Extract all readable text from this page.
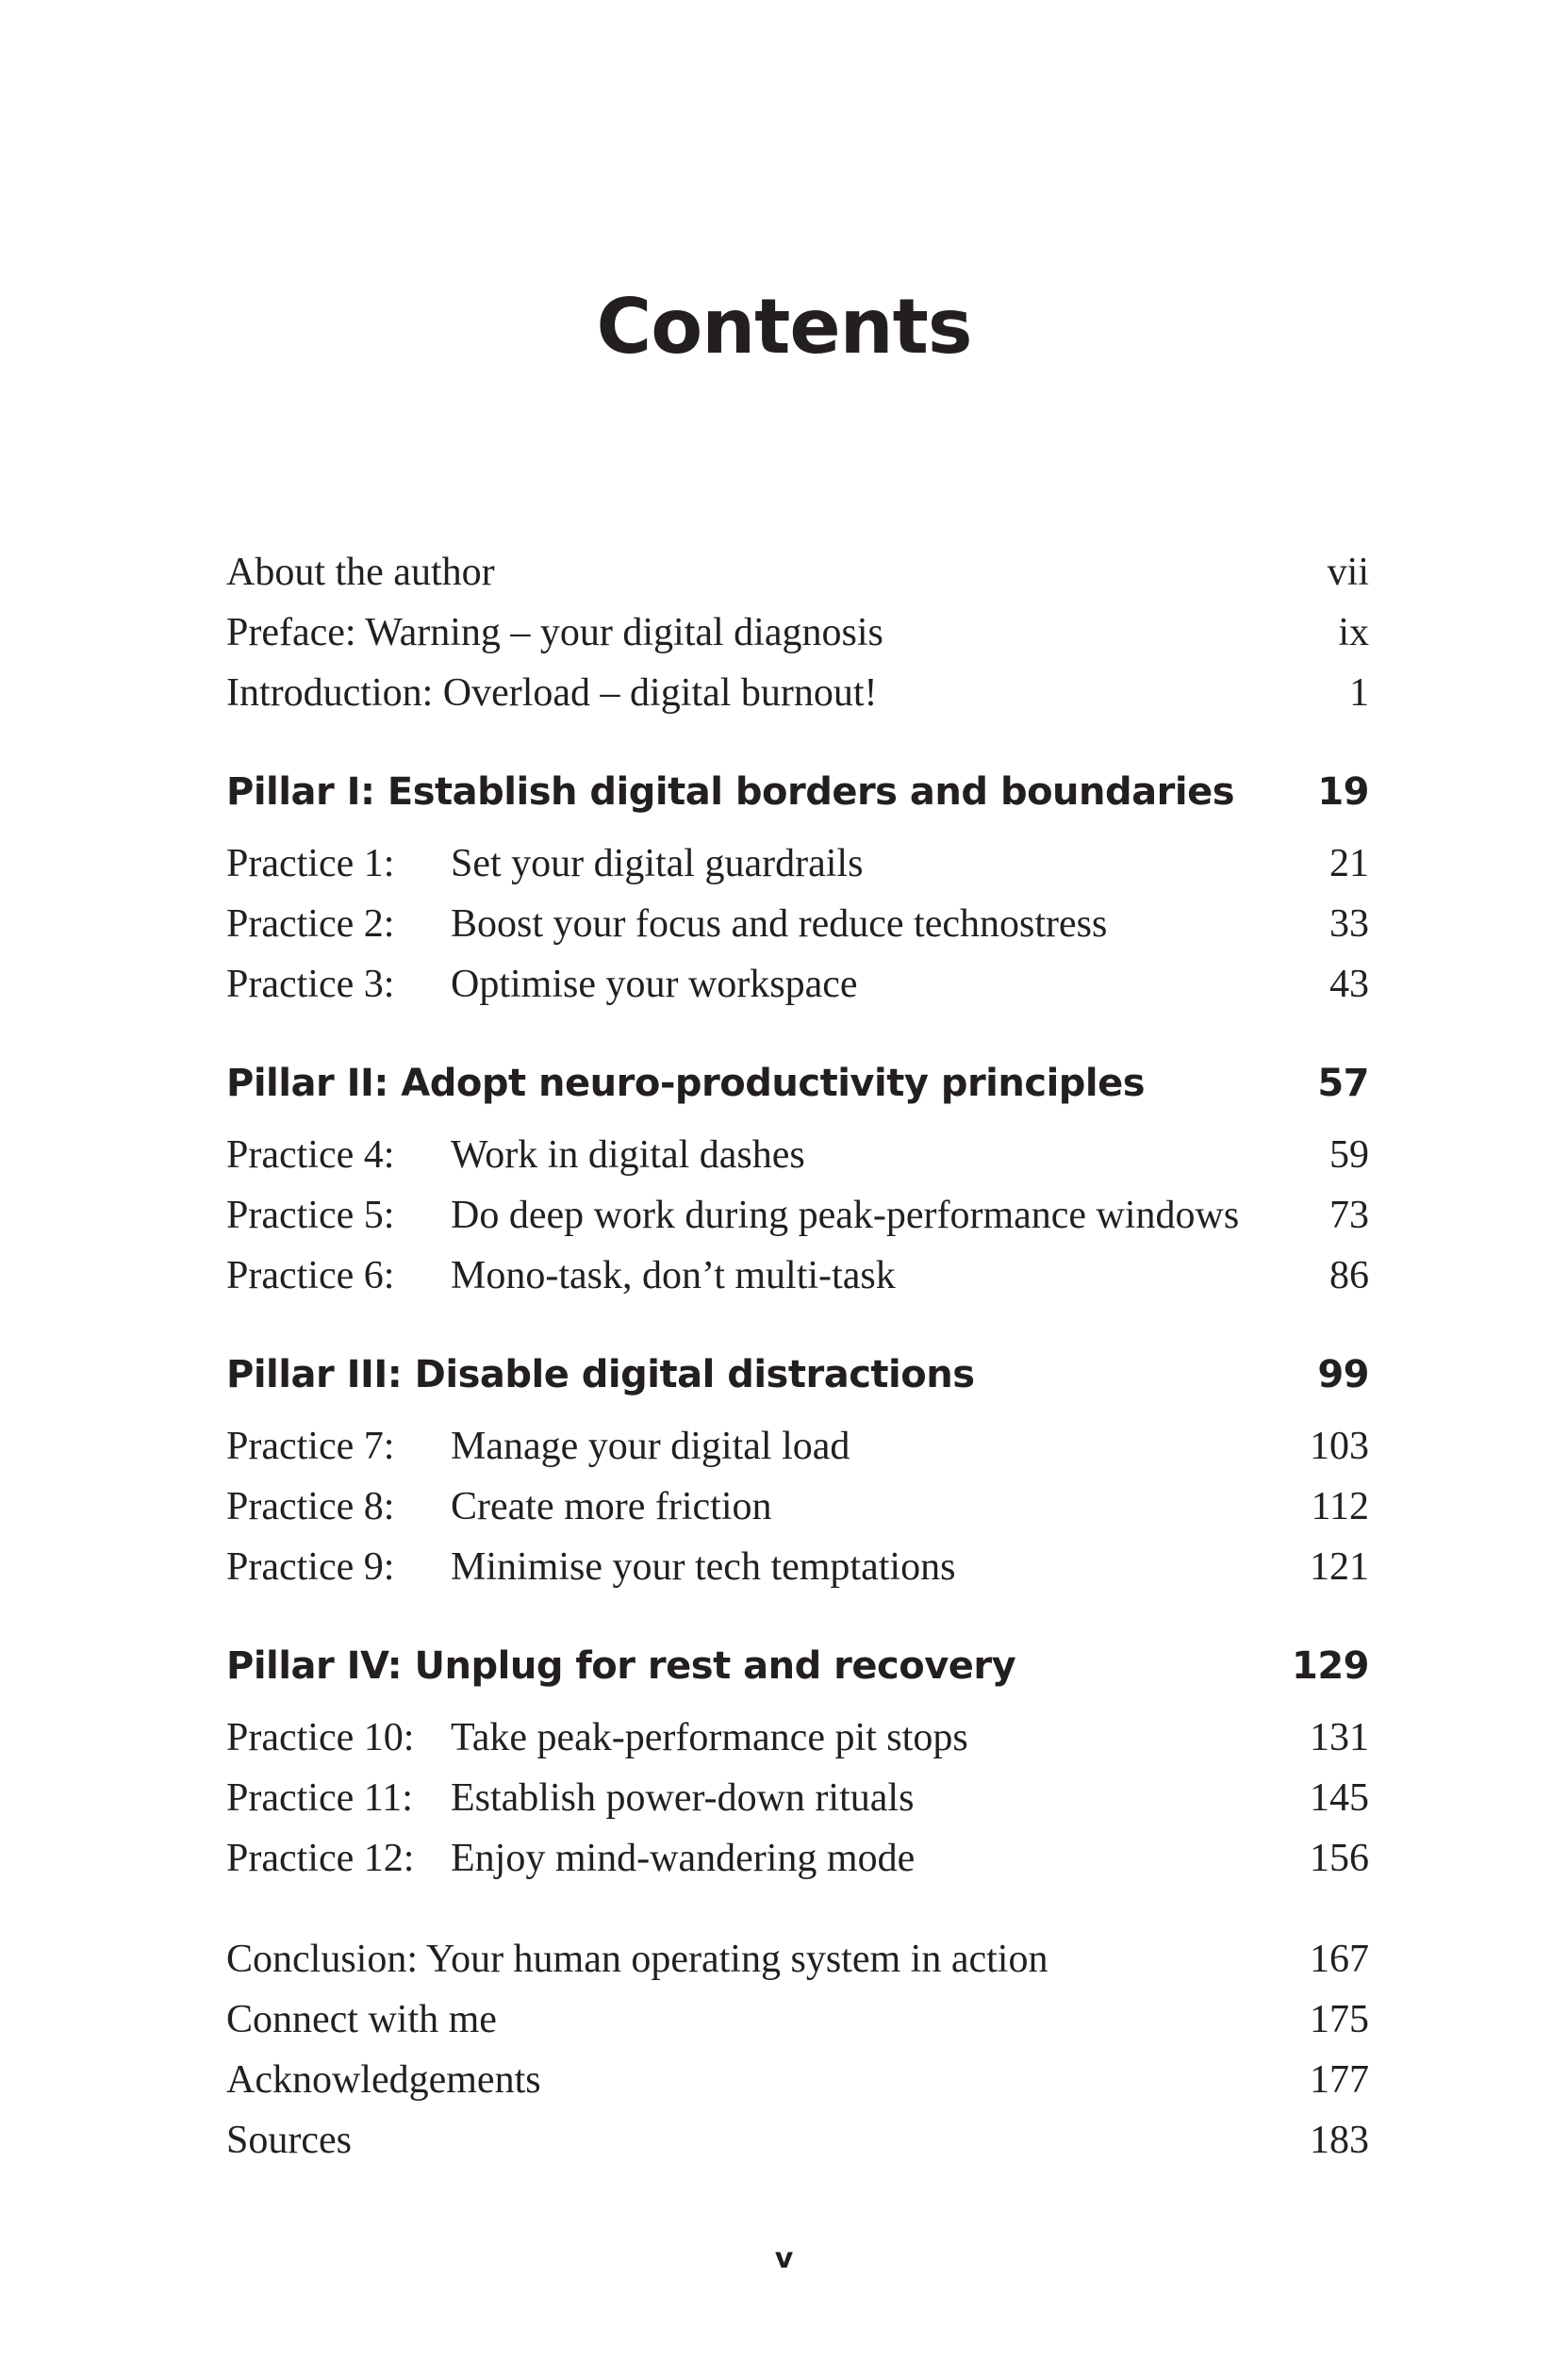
Contents
About the author	vii
Preface: Warning – your digital diagnosis	ix
Introduction: Overload – digital burnout!	1
Pillar I: Establish digital borders and boundaries 19
Practice 1:	Set your digital guardrails	21
Practice 2:	Boost your focus and reduce technostress	33
Practice 3:	Optimise your workspace	43
Pillar II: Adopt neuro-productivity principles	57
Practice 4:	Work in digital dashes	59
Practice 5:	Do deep work during peak-performance windows 73
Practice 6:	Mono-task, don’t multi-task	86
Pillar III: Disable digital distractions	99
Practice 7:	Manage your digital load	103
Practice 8:	Create more friction	112
Practice 9:	Minimise your tech temptations	121
Pillar IV: Unplug for rest and recovery	129
Practice 10: Take peak-performance pit stops	131
Practice 11: Establish power-down rituals	145
Practice 12: Enjoy mind-wandering mode	156
Conclusion: Your human operating system in action	167
Connect with me	175
Acknowledgements	177
Sources	183
v
